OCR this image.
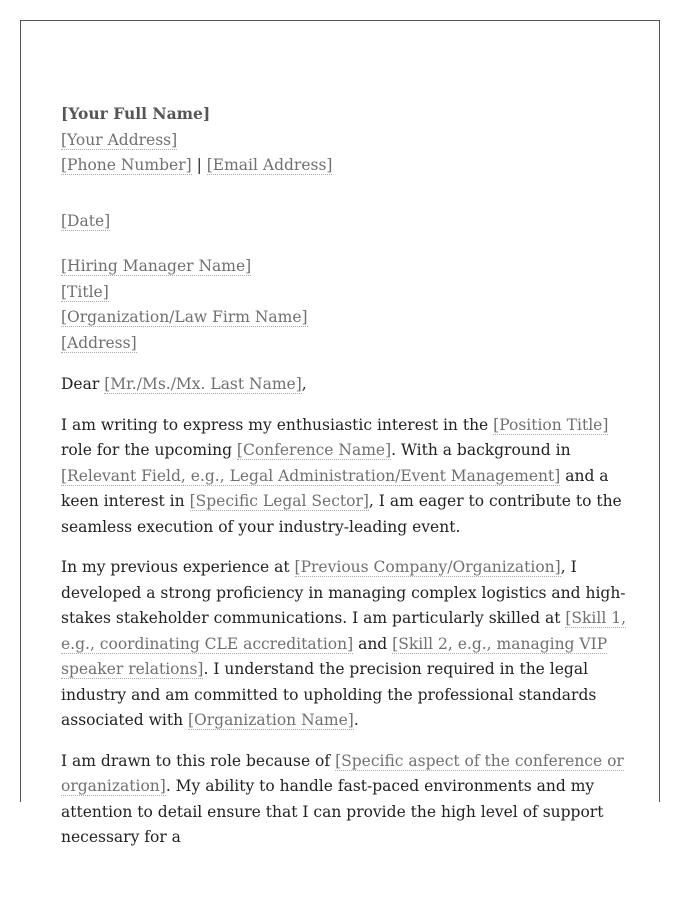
[Your Full Name]
[Your Address]
[Phone Number] | [Email Address]
[Date]
[Hiring Manager Name]
[Title]
[Organization/Law Firm Name]
[Address]
Dear [Mr./Ms./Mx. Last Name],

I am writing to express my enthusiastic interest in the [Position Title] role for the upcoming [Conference Name]. With a background in [Relevant Field, e.g., Legal Administration/Event Management] and a keen interest in [Specific Legal Sector], I am eager to contribute to the seamless execution of your industry-leading event.

In my previous experience at [Previous Company/Organization], I developed a strong proficiency in managing complex logistics and high-stakes stakeholder communications. I am particularly skilled at [Skill 1, e.g., coordinating CLE accreditation] and [Skill 2, e.g., managing VIP speaker relations]. I understand the precision required in the legal industry and am committed to upholding the professional standards associated with [Organization Name].

I am drawn to this role because of [Specific aspect of the conference or organization]. My ability to handle fast-paced environments and my attention to detail ensure that I can provide the high level of support necessary for a
